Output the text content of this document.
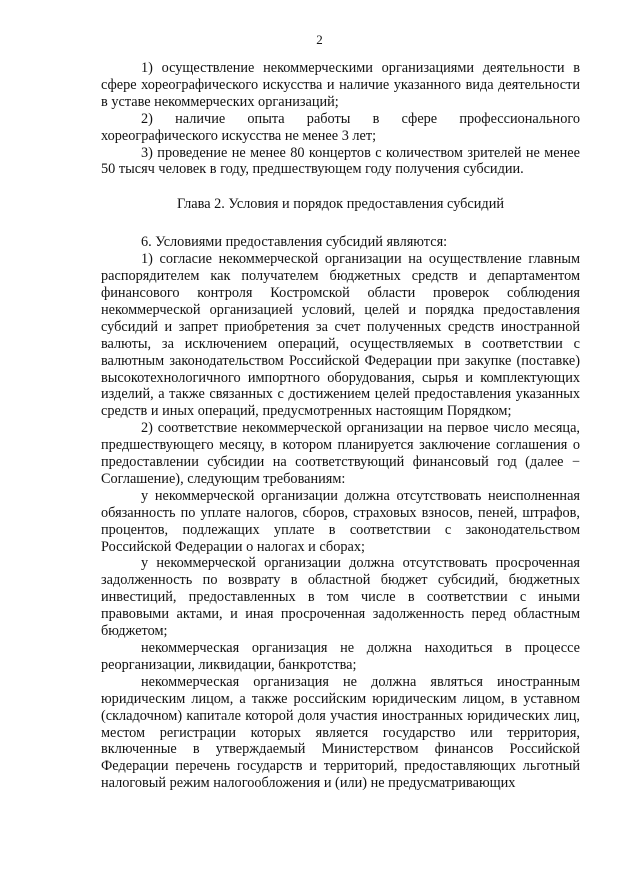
2

1) осуществление некоммерческими организациями деятельности в сфере хореографического искусства и наличие указанного вида деятельности в уставе некоммерческих организаций;

2) наличие опыта работы в сфере профессионального хореографического искусства не менее 3 лет;

3) проведение не менее 80 концертов с количеством зрителей не менее 50 тысяч человек в году, предшествующем году получения субсидии.

Глава 2. Условия и порядок предоставления субсидий

6. Условиями предоставления субсидий являются:

1) согласие некоммерческой организации на осуществление главным распорядителем как получателем бюджетных средств и департаментом финансового контроля Костромской области проверок соблюдения некоммерческой организацией условий, целей и порядка предоставления субсидий и запрет приобретения за счет полученных средств иностранной валюты, за исключением операций, осуществляемых в соответствии с валютным законодательством Российской Федерации при закупке (поставке) высокотехнологичного импортного оборудования, сырья и комплектующих изделий, а также связанных с достижением целей предоставления указанных средств и иных операций, предусмотренных настоящим Порядком;

2) соответствие некоммерческой организации на первое число месяца, предшествующего месяцу, в котором планируется заключение соглашения о предоставлении субсидии на соответствующий финансовый год (далее − Соглашение), следующим требованиям:

у некоммерческой организации должна отсутствовать неисполненная обязанность по уплате налогов, сборов, страховых взносов, пеней, штрафов, процентов, подлежащих уплате в соответствии с законодательством Российской Федерации о налогах и сборах;

у некоммерческой организации должна отсутствовать просроченная задолженность по возврату в областной бюджет субсидий, бюджетных инвестиций, предоставленных в том числе в соответствии с иными правовыми актами, и иная просроченная задолженность перед областным бюджетом;

некоммерческая организация не должна находиться в процессе реорганизации, ликвидации, банкротства;

некоммерческая организация не должна являться иностранным юридическим лицом, а также российским юридическим лицом, в уставном (складочном) капитале которой доля участия иностранных юридических лиц, местом регистрации которых является государство или территория, включенные в утверждаемый Министерством финансов Российской Федерации перечень государств и территорий, предоставляющих льготный налоговый режим налогообложения и (или) не предусматривающих
